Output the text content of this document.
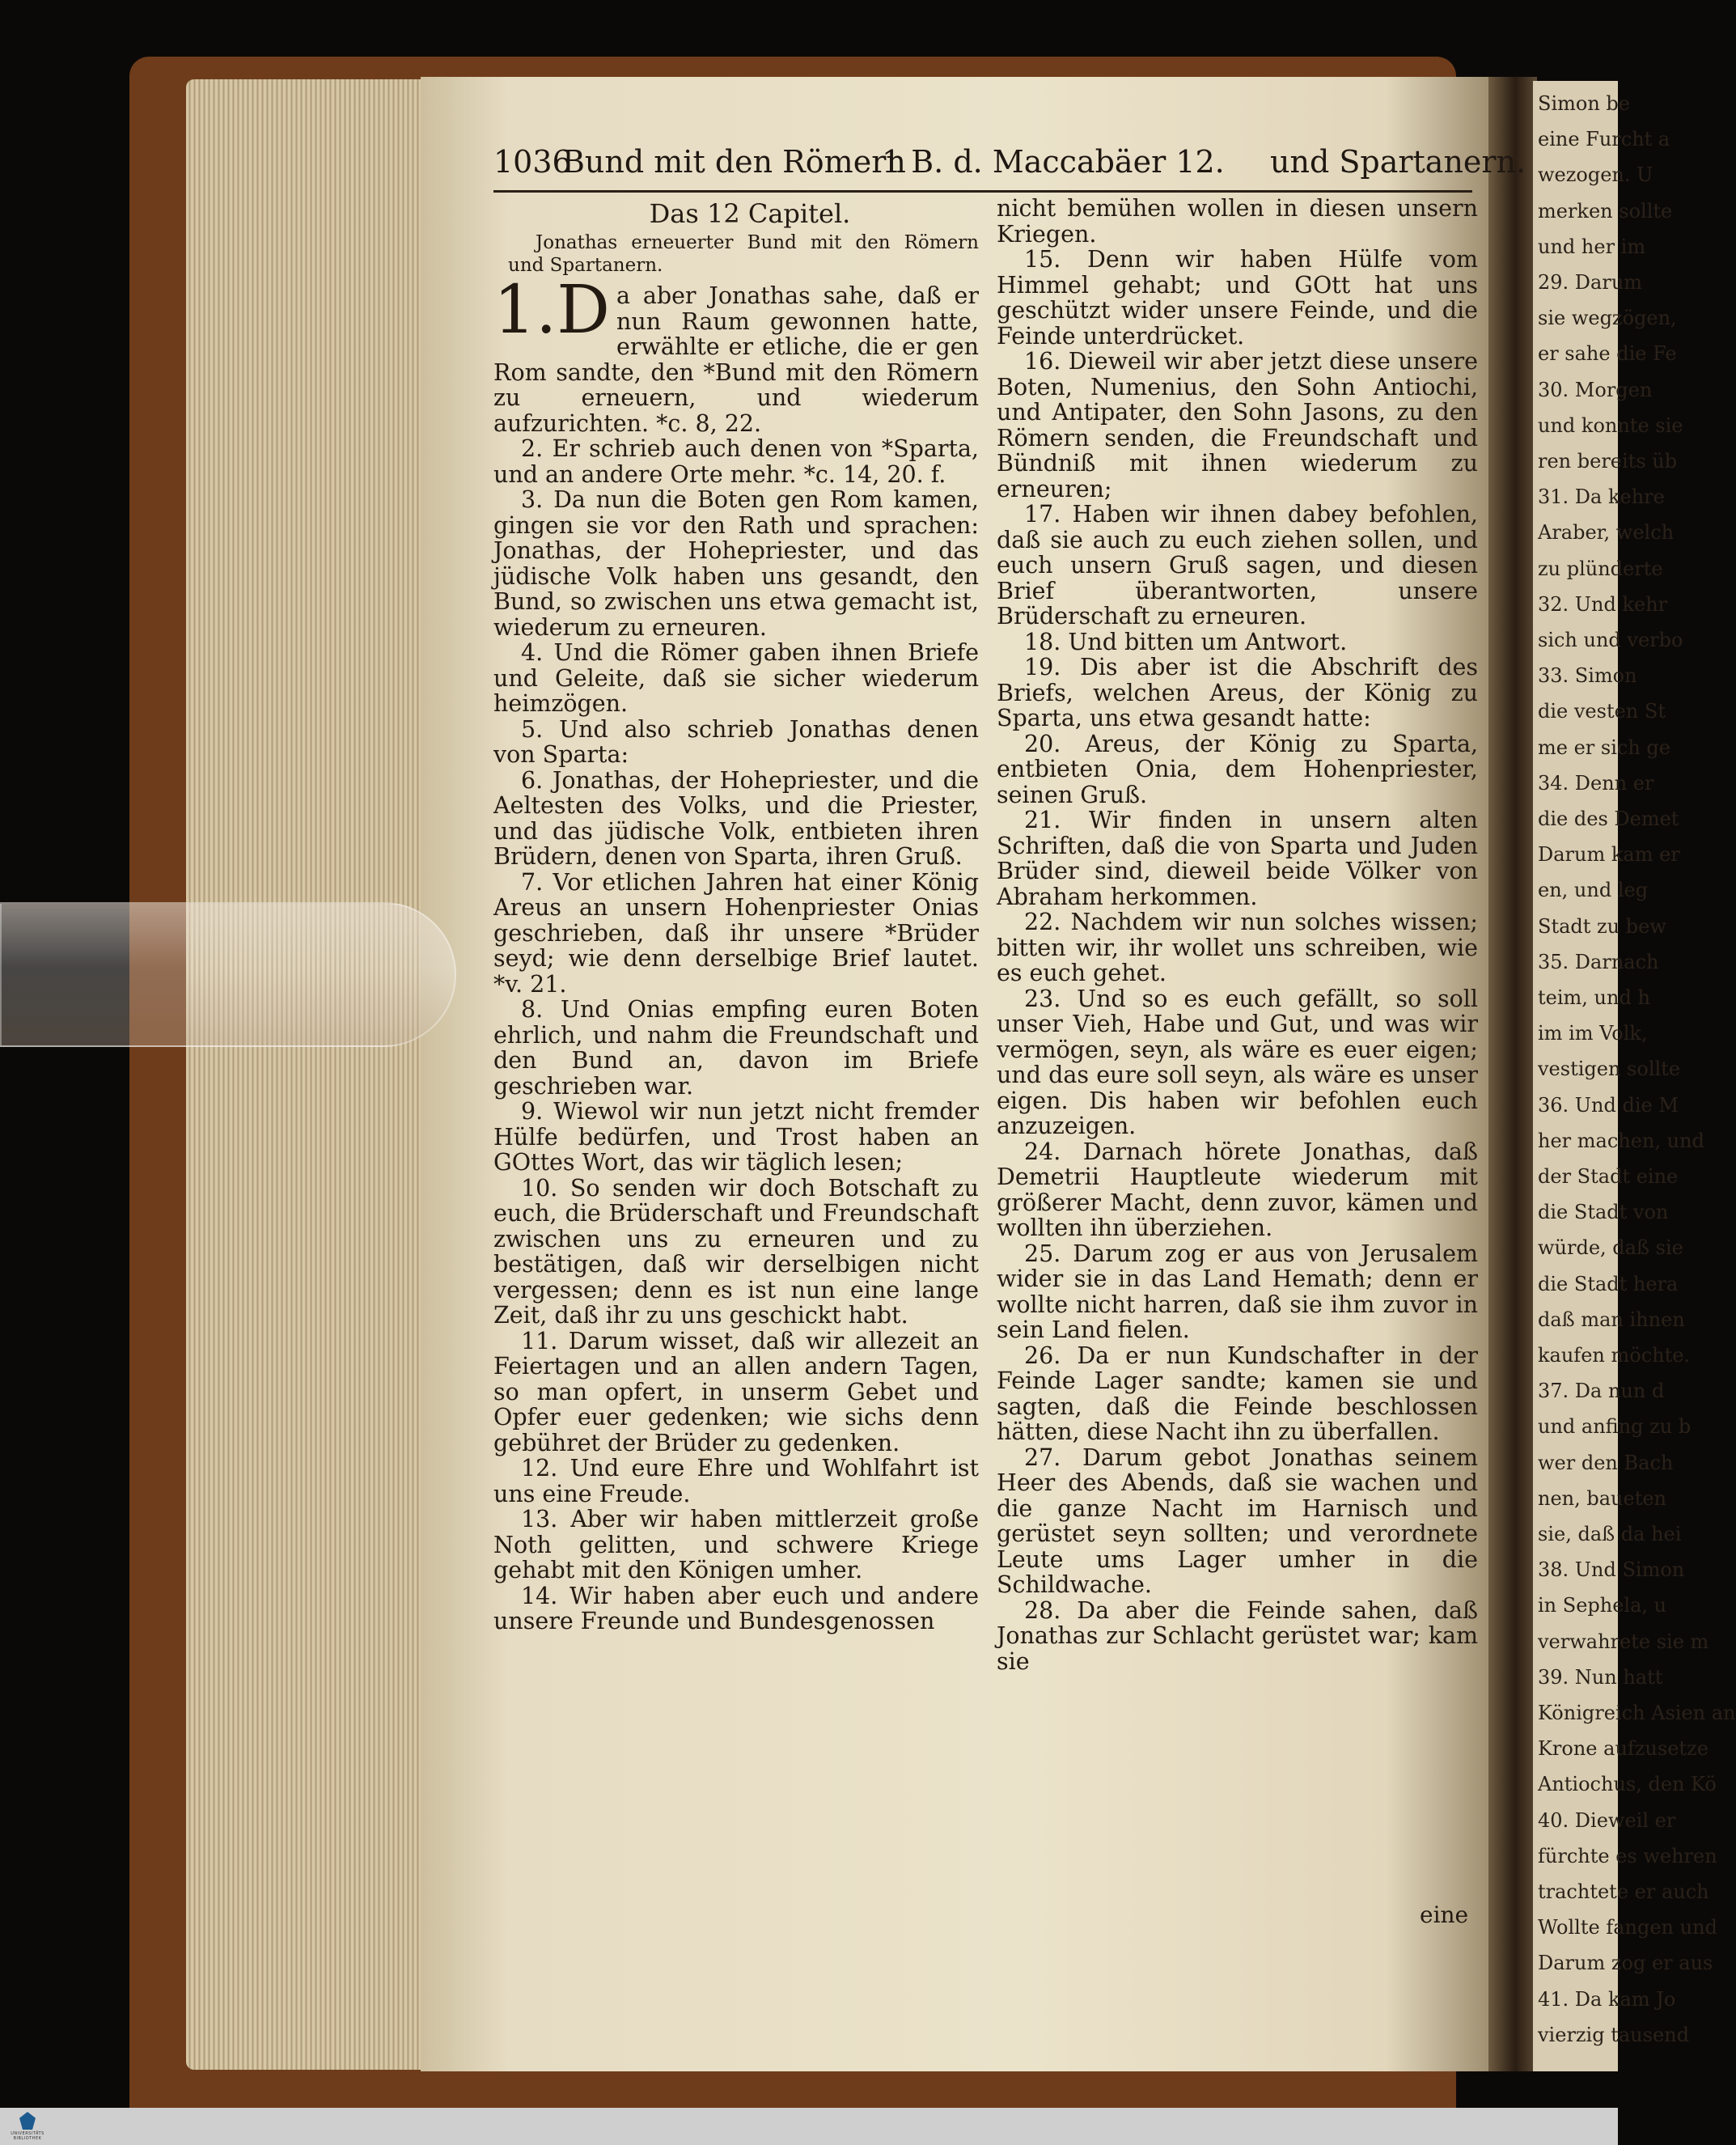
Simon be
eine Furcht a
wezogen. U
merken sollte
und her im
29. Darum
sie wegzögen,
er sahe die Fe
30. Morgen
und konnte sie
ren bereits üb
31. Da kehre
Araber, welch
zu plünderte
32. Und kehr
sich und verbo
33. Simon
die vesten St
me er sich ge
34. Denn er
die des Demet
Darum kam er
en, und leg
Stadt zu bew
35. Darnach
teim, und h
im im Volk,
vestigen sollte
36. Und die M
her machen, und
der Stadt eine
die Stadt von
würde, daß sie
die Stadt hera
daß man ihnen
kaufen möchte.
37. Da nun d
und anfing zu b
wer den Bach
nen, baueten
sie, daß da hei
38. Und Simon
in Sephela, u
verwahrete sie m
39. Nun hatt
Königreich Asien an
Krone aufzusetze
Antiochus, den Kö
40. Dieweil er
fürchte es wehren
trachtete er auch
Wollte fangen und
Darum zog er aus
41. Da kam Jo
vierzig tausend
1036
Bund mit den Römern
1 B. d. Maccabäer 12. und Spartanern.

Das 12 Capitel.

Jonathas erneuerter Bund mit den Römern und Spartanern.

1.D a aber Jonathas sahe, daß er nun Raum gewonnen hatte, erwählte er etliche, die er gen Rom sandte, den *Bund mit den Römern zu erneuern, und wiederum aufzurichten. *c. 8, 22.

2. Er schrieb auch denen von *Sparta, und an andere Orte mehr. *c. 14, 20. f.

3. Da nun die Boten gen Rom kamen, gingen sie vor den Rath und sprachen: Jonathas, der Hohepriester, und das jüdische Volk haben uns gesandt, den Bund, so zwischen uns etwa gemacht ist, wiederum zu erneuren.

4. Und die Römer gaben ihnen Briefe und Geleite, daß sie sicher wiederum heimzögen.

5. Und also schrieb Jonathas denen von Sparta:

6. Jonathas, der Hohepriester, und die Aeltesten des Volks, und die Priester, und das jüdische Volk, entbieten ihren Brüdern, denen von Sparta, ihren Gruß.

7. Vor etlichen Jahren hat einer König Areus an unsern Hohenpriester Onias geschrieben, daß ihr unsere *Brüder seyd; wie denn derselbige Brief lautet. *v. 21.

8. Und Onias empfing euren Boten ehrlich, und nahm die Freundschaft und den Bund an, davon im Briefe geschrieben war.

9. Wiewol wir nun jetzt nicht fremder Hülfe bedürfen, und Trost haben an GOttes Wort, das wir täglich lesen;

10. So senden wir doch Botschaft zu euch, die Brüderschaft und Freundschaft zwischen uns zu erneuren und zu bestätigen, daß wir derselbigen nicht vergessen; denn es ist nun eine lange Zeit, daß ihr zu uns geschickt habt.

11. Darum wisset, daß wir allezeit an Feiertagen und an allen andern Tagen, so man opfert, in unserm Gebet und Opfer euer gedenken; wie sichs denn gebühret der Brüder zu gedenken.

12. Und eure Ehre und Wohlfahrt ist uns eine Freude.

13. Aber wir haben mittlerzeit große Noth gelitten, und schwere Kriege gehabt mit den Königen umher.

14. Wir haben aber euch und andere unsere Freunde und Bundesgenossen

nicht bemühen wollen in diesen unsern Kriegen.

15. Denn wir haben Hülfe vom Himmel gehabt; und GOtt hat uns geschützt wider unsere Feinde, und die Feinde unterdrücket.

16. Dieweil wir aber jetzt diese unsere Boten, Numenius, den Sohn Antiochi, und Antipater, den Sohn Jasons, zu den Römern senden, die Freundschaft und Bündniß mit ihnen wiederum zu erneuren;

17. Haben wir ihnen dabey befohlen, daß sie auch zu euch ziehen sollen, und euch unsern Gruß sagen, und diesen Brief überantworten, unsere Brüderschaft zu erneuren.

18. Und bitten um Antwort.

19. Dis aber ist die Abschrift des Briefs, welchen Areus, der König zu Sparta, uns etwa gesandt hatte:

20. Areus, der König zu Sparta, entbieten Onia, dem Hohenpriester, seinen Gruß.

21. Wir finden in unsern alten Schriften, daß die von Sparta und Juden Brüder sind, dieweil beide Völker von Abraham herkommen.

22. Nachdem wir nun solches wissen; bitten wir, ihr wollet uns schreiben, wie es euch gehet.

23. Und so es euch gefällt, so soll unser Vieh, Habe und Gut, und was wir vermögen, seyn, als wäre es euer eigen; und das eure soll seyn, als wäre es unser eigen. Dis haben wir befohlen euch anzuzeigen.

24. Darnach hörete Jonathas, daß Demetrii Hauptleute wiederum mit größerer Macht, denn zuvor, kämen und wollten ihn überziehen.

25. Darum zog er aus von Jerusalem wider sie in das Land Hemath; denn er wollte nicht harren, daß sie ihm zuvor in sein Land fielen.

26. Da er nun Kundschafter in der Feinde Lager sandte; kamen sie und sagten, daß die Feinde beschlossen hätten, diese Nacht ihn zu überfallen.

27. Darum gebot Jonathas seinem Heer des Abends, daß sie wachen und die ganze Nacht im Harnisch und gerüstet seyn sollten; und verordnete Leute ums Lager umher in die Schildwache.

28. Da aber die Feinde sahen, daß Jonathas zur Schlacht gerüstet war; kam sie

eine
UNIVERSITÄTS BIBLIOTHEK
